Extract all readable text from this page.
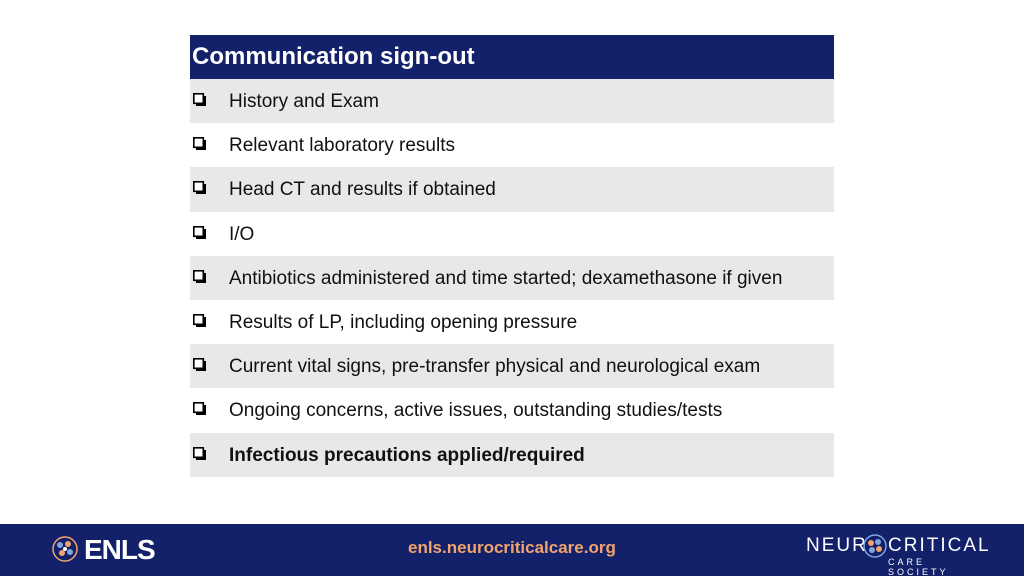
Communication sign-out
History and Exam
Relevant laboratory results
Head CT and results if obtained
I/O
Antibiotics administered and time started; dexamethasone if given
Results of LP, including opening pressure
Current vital signs, pre-transfer physical and neurological exam
Ongoing concerns, active issues, outstanding studies/tests
Infectious precautions applied/required
ENLS	enls.neurocriticalcare.org	NEUR CRITICAL
CARE SOCIETY
